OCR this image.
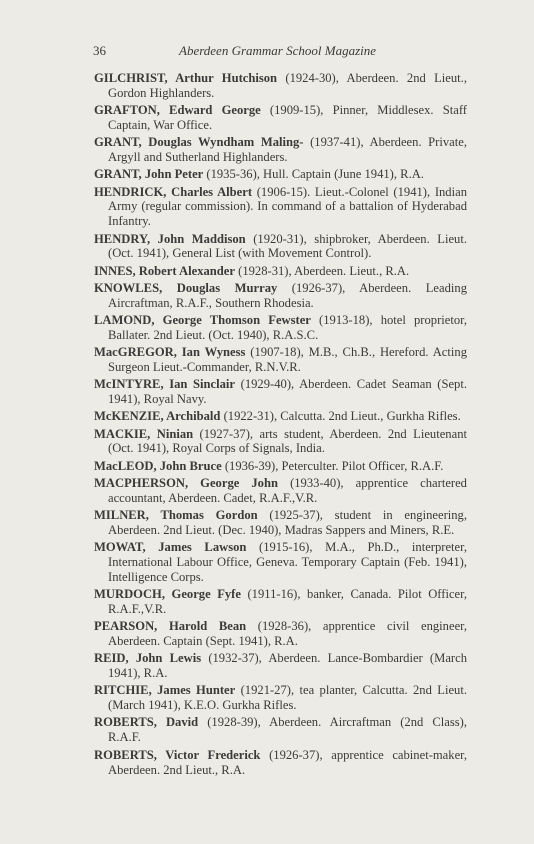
36	Aberdeen Grammar School Magazine

GILCHRIST, Arthur Hutchison (1924-30), Aberdeen. 2nd Lieut., Gordon Highlanders.

GRAFTON, Edward George (1909-15), Pinner, Middlesex. Staff Captain, War Office.

GRANT, Douglas Wyndham Maling- (1937-41), Aberdeen. Private, Argyll and Sutherland Highlanders.

GRANT, John Peter (1935-36), Hull. Captain (June 1941), R.A.

HENDRICK, Charles Albert (1906-15). Lieut.-Colonel (1941), Indian Army (regular commission). In command of a battalion of Hyderabad Infantry.

HENDRY, John Maddison (1920-31), shipbroker, Aberdeen. Lieut. (Oct. 1941), General List (with Movement Control).

INNES, Robert Alexander (1928-31), Aberdeen. Lieut., R.A.

KNOWLES, Douglas Murray (1926-37), Aberdeen. Leading Aircraftman, R.A.F., Southern Rhodesia.

LAMOND, George Thomson Fewster (1913-18), hotel proprietor, Ballater. 2nd Lieut. (Oct. 1940), R.A.S.C.

MacGREGOR, Ian Wyness (1907-18), M.B., Ch.B., Hereford. Acting Surgeon Lieut.-Commander, R.N.V.R.

McINTYRE, Ian Sinclair (1929-40), Aberdeen. Cadet Seaman (Sept. 1941), Royal Navy.

McKENZIE, Archibald (1922-31), Calcutta. 2nd Lieut., Gurkha Rifles.

MACKIE, Ninian (1927-37), arts student, Aberdeen. 2nd Lieutenant (Oct. 1941), Royal Corps of Signals, India.

MacLEOD, John Bruce (1936-39), Peterculter. Pilot Officer, R.A.F.

MACPHERSON, George John (1933-40), apprentice chartered accountant, Aberdeen. Cadet, R.A.F.,V.R.

MILNER, Thomas Gordon (1925-37), student in engineering, Aberdeen. 2nd Lieut. (Dec. 1940), Madras Sappers and Miners, R.E.

MOWAT, James Lawson (1915-16), M.A., Ph.D., interpreter, International Labour Office, Geneva. Temporary Captain (Feb. 1941), Intelligence Corps.

MURDOCH, George Fyfe (1911-16), banker, Canada. Pilot Officer, R.A.F.,V.R.

PEARSON, Harold Bean (1928-36), apprentice civil engineer, Aberdeen. Captain (Sept. 1941), R.A.

REID, John Lewis (1932-37), Aberdeen. Lance-Bombardier (March 1941), R.A.

RITCHIE, James Hunter (1921-27), tea planter, Calcutta. 2nd Lieut. (March 1941), K.E.O. Gurkha Rifles.

ROBERTS, David (1928-39), Aberdeen. Aircraftman (2nd Class), R.A.F.

ROBERTS, Victor Frederick (1926-37), apprentice cabinet-maker, Aberdeen. 2nd Lieut., R.A.
